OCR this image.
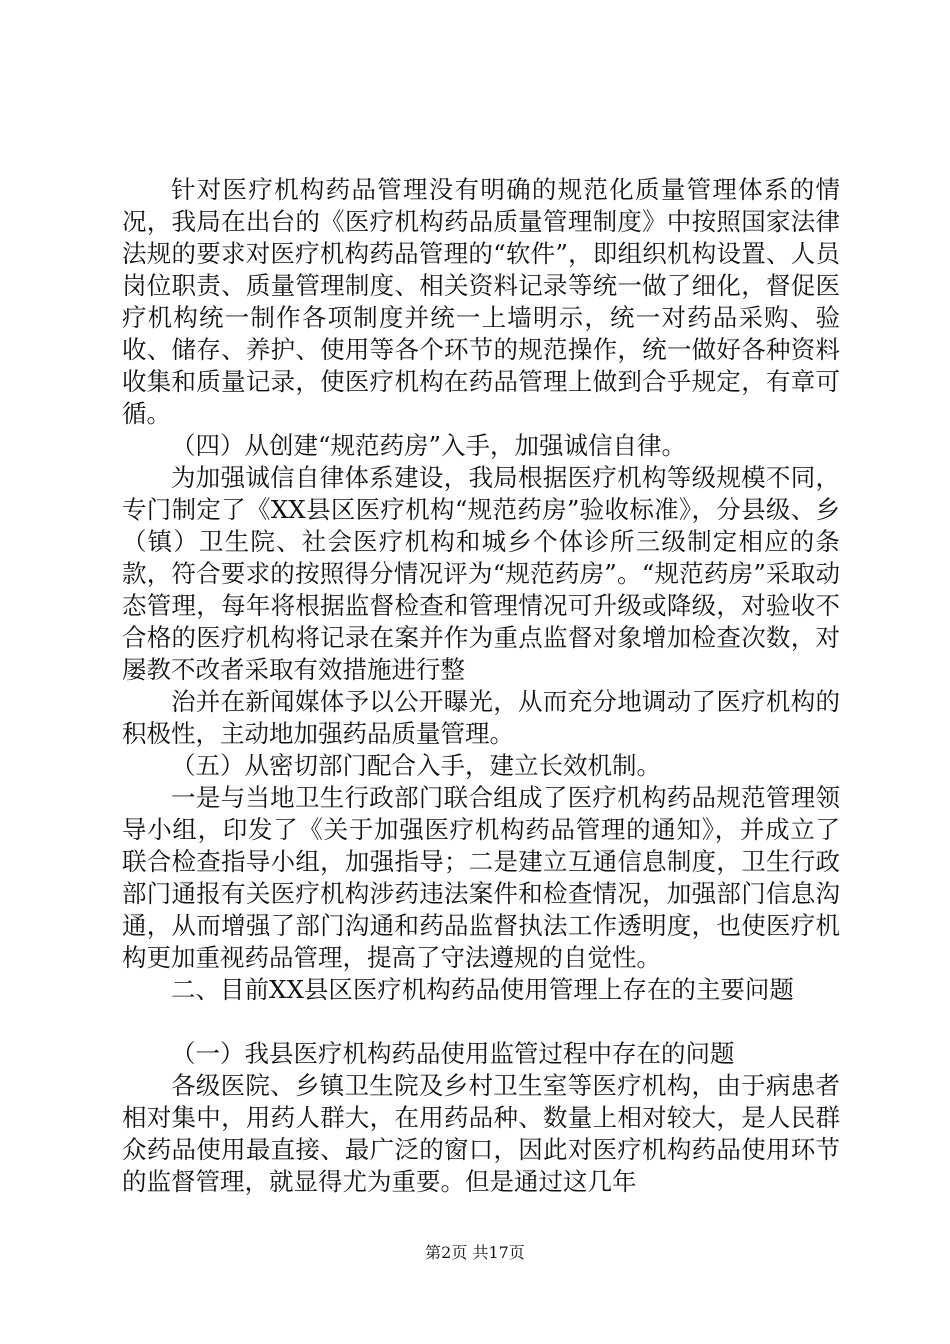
针对医疗机构药品管理没有明确的规范化质量管理体系的情况，我局在出台的《医疗机构药品质量管理制度》中按照国家法律法规的要求对医疗机构药品管理的“软件”，即组织机构设置、人员岗位职责、质量管理制度、相关资料记录等统一做了细化，督促医疗机构统一制作各项制度并统一上墙明示，统一对药品采购、验收、储存、养护、使用等各个环节的规范操作，统一做好各种资料收集和质量记录，使医疗机构在药品管理上做到合乎规定，有章可循。

（四）从创建“规范药房”入手，加强诚信自律。

为加强诚信自律体系建设，我局根据医疗机构等级规模不同，专门制定了《XX县区医疗机构“规范药房”验收标准》，分县级、乡（镇）卫生院、社会医疗机构和城乡个体诊所三级制定相应的条款，符合要求的按照得分情况评为“规范药房”。“规范药房”采取动态管理，每年将根据监督检查和管理情况可升级或降级，对验收不合格的医疗机构将记录在案并作为重点监督对象增加检查次数，对屡教不改者采取有效措施进行整

治并在新闻媒体予以公开曝光，从而充分地调动了医疗机构的积极性，主动地加强药品质量管理。

（五）从密切部门配合入手，建立长效机制。

一是与当地卫生行政部门联合组成了医疗机构药品规范管理领导小组，印发了《关于加强医疗机构药品管理的通知》，并成立了联合检查指导小组，加强指导；二是建立互通信息制度，卫生行政部门通报有关医疗机构涉药违法案件和检查情况，加强部门信息沟通，从而增强了部门沟通和药品监督执法工作透明度，也使医疗机构更加重视药品管理，提高了守法遵规的自觉性。

二、目前XX县区医疗机构药品使用管理上存在的主要问题

（一）我县医疗机构药品使用监管过程中存在的问题

各级医院、乡镇卫生院及乡村卫生室等医疗机构，由于病患者相对集中，用药人群大，在用药品种、数量上相对较大，是人民群众药品使用最直接、最广泛的窗口，因此对医疗机构药品使用环节的监督管理，就显得尤为重要。但是通过这几年

第2页 共17页
